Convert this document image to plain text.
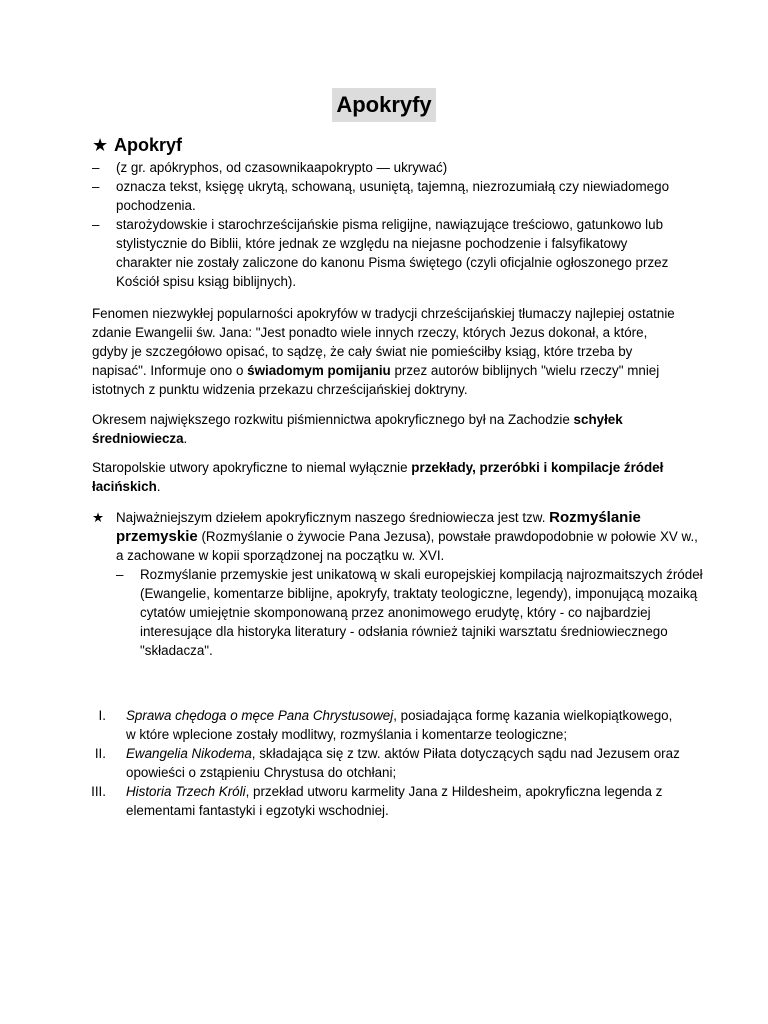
Apokryfy
★ Apokryf
– (z gr. apókryphos, od czasownikaapokrypto — ukrywać)
– oznacza tekst, księgę ukrytą, schowaną, usuniętą, tajemną, niezrozumiałą czy niewiadomego pochodzenia.
– starożydowskie i starochrześcijańskie pisma religijne, nawiązujące treściowo, gatunkowo lub stylistycznie do Biblii, które jednak ze względu na niejasne pochodzenie i falsyfikatowy charakter nie zostały zaliczone do kanonu Pisma świętego (czyli oficjalnie ogłoszonego przez Kościół spisu ksiąg biblijnych).

Fenomen niezwykłej popularności apokryfów w tradycji chrześcijańskiej tłumaczy najlepiej ostatnie zdanie Ewangelii św. Jana: "Jest ponadto wiele innych rzeczy, których Jezus dokonał, a które, gdyby je szczegółowo opisać, to sądzę, że cały świat nie pomieściłby ksiąg, które trzeba by napisać". Informuje ono o świadomym pomijaniu przez autorów biblijnych "wielu rzeczy" mniej istotnych z punktu widzenia przekazu chrześcijańskiej doktryny.

Okresem największego rozkwitu piśmiennictwa apokryficznego był na Zachodzie schyłek średniowiecza.

Staropolskie utwory apokryficzne to niemal wyłącznie przekłady, przeróbki i kompilacje źródeł łacińskich.

★ Najważniejszym dziełem apokryficznym naszego średniowiecza jest tzw. Rozmyślanie przemyskie (Rozmyślanie o żywocie Pana Jezusa), powstałe prawdopodobnie w połowie XV w., a zachowane w kopii sporządzonej na początku w. XVI.

– Rozmyślanie przemyskie jest unikatową w skali europejskiej kompilacją najrozmaitszych źródeł (Ewangelie, komentarze biblijne, apokryfy, traktaty teologiczne, legendy), imponującą mozaiką cytatów umiejętnie skomponowaną przez anonimowego erudytę, który - co najbardziej interesujące dla historyka literatury - odsłania również tajniki warsztatu średniowiecznego "składacza".
I. Sprawa chędoga o męce Pana Chrystusowej, posiadająca formę kazania wielkopiątkowego, w które wplecione zostały modlitwy, rozmyślania i komentarze teologiczne;
II. Ewangelia Nikodema, składająca się z tzw. aktów Piłata dotyczących sądu nad Jezusem oraz opowieści o zstąpieniu Chrystusa do otchłani;
III. Historia Trzech Króli, przekład utworu karmelity Jana z Hildesheim, apokryficzna legenda z elementami fantastyki i egzotyki wschodniej.
